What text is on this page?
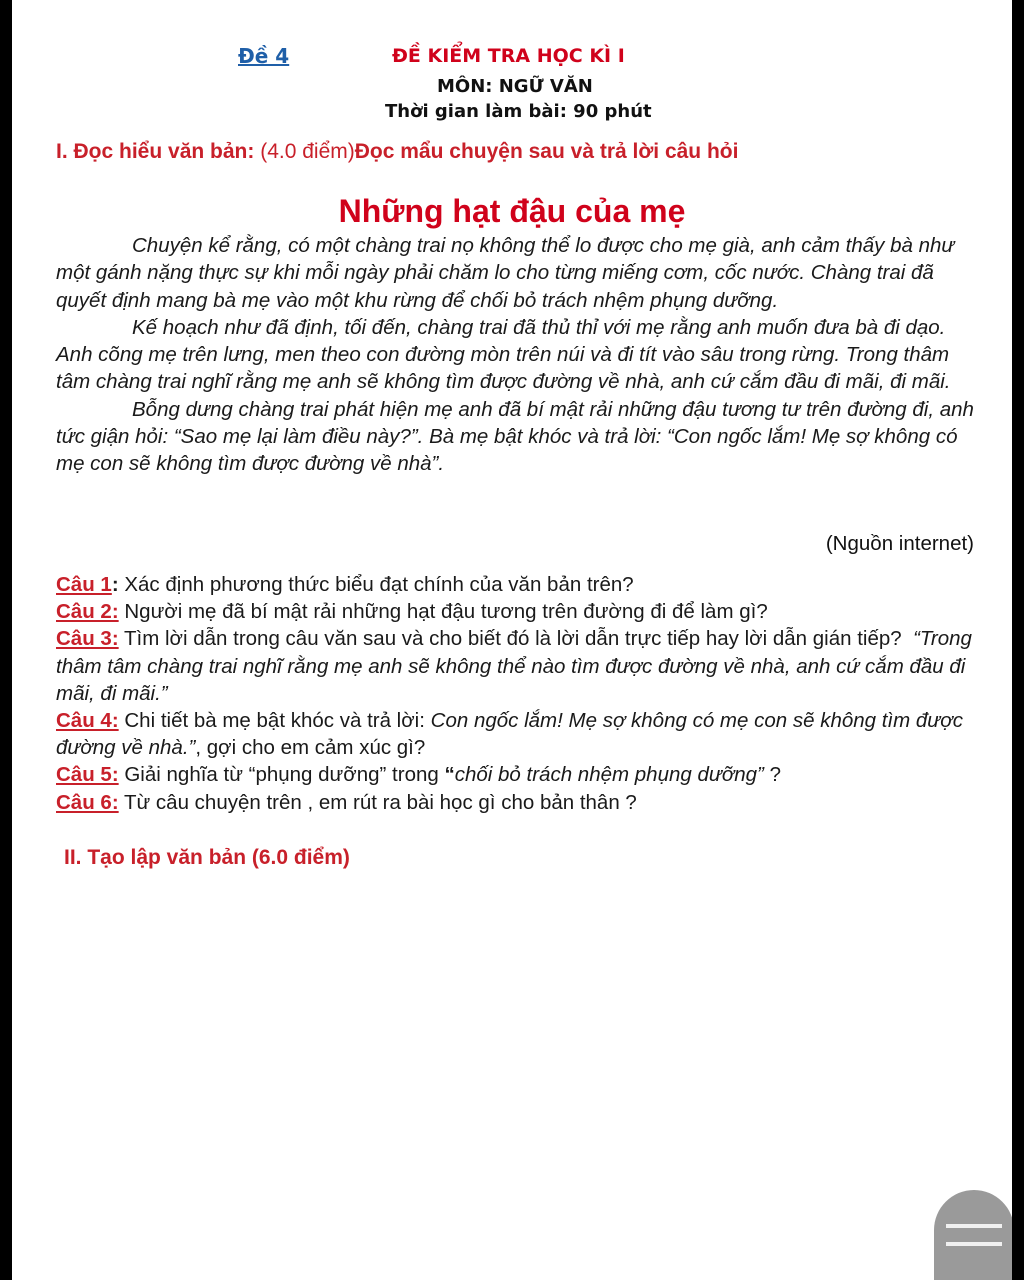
Đề 4	ĐỀ KIỂM TRA HỌC KÌ I
MÔN: NGỮ VĂN
Thời gian làm bài: 90 phút
I. Đọc hiểu văn bản: (4.0 điểm)Đọc mẩu chuyện sau và trả lời câu hỏi
Những hạt đậu của mẹ

Chuyện kể rằng, có một chàng trai nọ không thể lo được cho mẹ già, anh cảm thấy bà như một gánh nặng thực sự khi mỗi ngày phải chăm lo cho từng miếng cơm, cốc nước. Chàng trai đã quyết định mang bà mẹ vào một khu rừng để chối bỏ trách nhệm phụng dưỡng.

Kế hoạch như đã định, tối đến, chàng trai đã thủ thỉ với mẹ rằng anh muốn đưa bà đi dạo. Anh cõng mẹ trên lưng, men theo con đường mòn trên núi và đi tít vào sâu trong rừng. Trong thâm tâm chàng trai nghĩ rằng mẹ anh sẽ không tìm được đường về nhà, anh cứ cắm đầu đi mãi, đi mãi.

Bỗng dưng chàng trai phát hiện mẹ anh đã bí mật rải những đậu tương tư trên đường đi, anh tức giận hỏi: “Sao mẹ lại làm điều này?”. Bà mẹ bật khóc và trả lời: “Con ngốc lắm! Mẹ sợ không có mẹ con sẽ không tìm được đường về nhà”.

(Nguồn internet)

Câu 1: Xác định phương thức biểu đạt chính của văn bản trên?

Câu 2: Người mẹ đã bí mật rải những hạt đậu tương trên đường đi để làm gì?

Câu 3: Tìm lời dẫn trong câu văn sau và cho biết đó là lời dẫn trực tiếp hay lời dẫn gián tiếp? “Trong thâm tâm chàng trai nghĩ rằng mẹ anh sẽ không thể nào tìm được đường về nhà, anh cứ cắm đầu đi mãi, đi mãi.”

Câu 4: Chi tiết bà mẹ bật khóc và trả lời: Con ngốc lắm! Mẹ sợ không có mẹ con sẽ không tìm được đường về nhà.”, gợi cho em cảm xúc gì?

Câu 5: Giải nghĩa từ “phụng dưỡng” trong “chối bỏ trách nhệm phụng dưỡng” ?

Câu 6: Từ câu chuyện trên , em rút ra bài học gì cho bản thân ?

II. Tạo lập văn bản (6.0 điểm)
